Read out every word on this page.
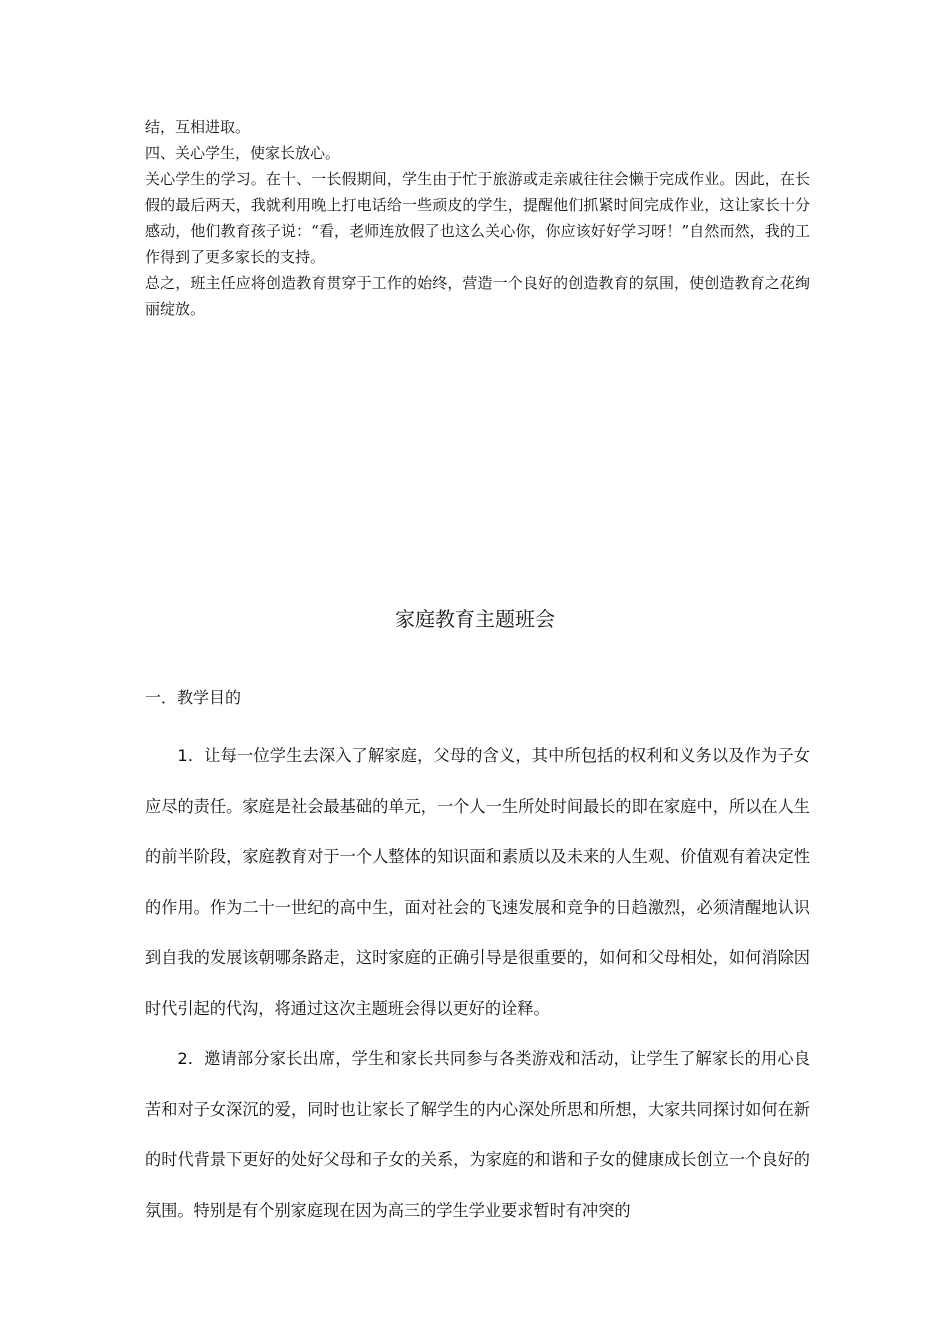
结，互相进取。

四、关心学生，使家长放心。

关心学生的学习。在十、一长假期间，学生由于忙于旅游或走亲戚往往会懒于完成作业。因此，在长假的最后两天，我就利用晚上打电话给一些顽皮的学生，提醒他们抓紧时间完成作业，这让家长十分感动，他们教育孩子说：“看，老师连放假了也这么关心你，你应该好好学习呀！”自然而然，我的工作得到了更多家长的支持。

总之，班主任应将创造教育贯穿于工作的始终，营造一个良好的创造教育的氛围，使创造教育之花绚丽绽放。

家庭教育主题班会
一．教学目的

1．让每一位学生去深入了解家庭，父母的含义，其中所包括的权利和义务以及作为子女应尽的责任。家庭是社会最基础的单元，一个人一生所处时间最长的即在家庭中，所以在人生的前半阶段，家庭教育对于一个人整体的知识面和素质以及未来的人生观、价值观有着决定性的作用。作为二十一世纪的高中生，面对社会的飞速发展和竞争的日趋激烈，必须清醒地认识到自我的发展该朝哪条路走，这时家庭的正确引导是很重要的，如何和父母相处，如何消除因时代引起的代沟，将通过这次主题班会得以更好的诠释。

2．邀请部分家长出席，学生和家长共同参与各类游戏和活动，让学生了解家长的用心良苦和对子女深沉的爱，同时也让家长了解学生的内心深处所思和所想，大家共同探讨如何在新的时代背景下更好的处好父母和子女的关系，为家庭的和谐和子女的健康成长创立一个良好的氛围。特别是有个别家庭现在因为高三的学生学业要求暂时有冲突的
